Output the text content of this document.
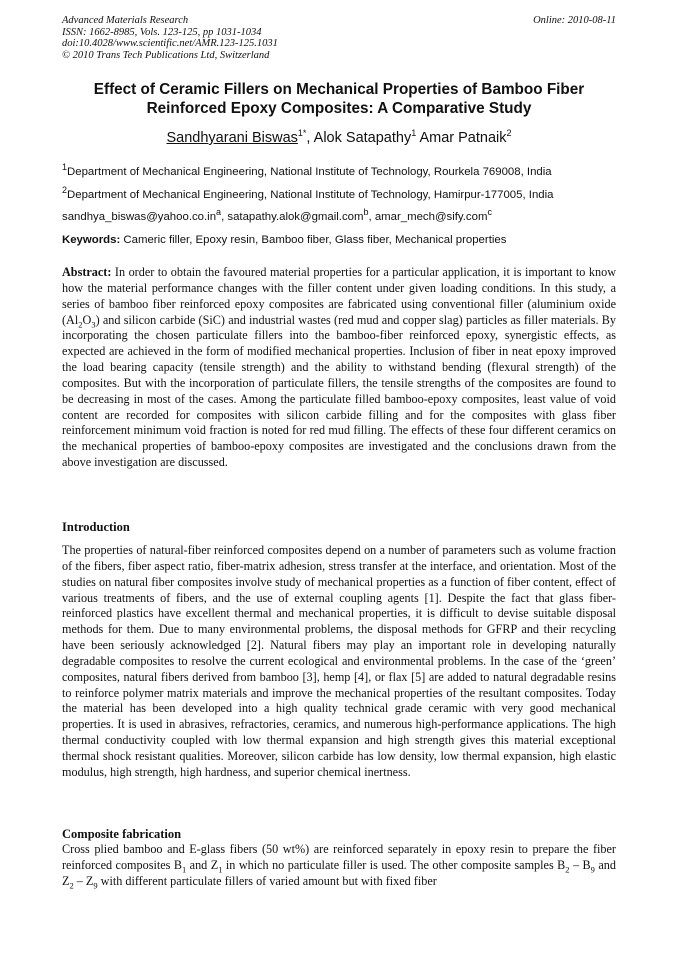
Advanced Materials Research
ISSN: 1662-8985, Vols. 123-125, pp 1031-1034
doi:10.4028/www.scientific.net/AMR.123-125.1031
© 2010 Trans Tech Publications Ltd, Switzerland
Online: 2010-08-11
Effect of Ceramic Fillers on Mechanical Properties of Bamboo Fiber
Reinforced Epoxy Composites: A Comparative Study
Sandhyarani Biswas$^{1*}$, Alok Satapathy$^1$ Amar Patnaik$^2$
$^1$Department of Mechanical Engineering, National Institute of Technology, Rourkela 769008, India
$^2$Department of Mechanical Engineering, National Institute of Technology, Hamirpur-177005, India
$sandhya\_biswas@yahoo.co.in^a$, satapathy.alok@gmail.com$^b$, amar_mech@sify.com$^c$
Keywords: Cameric filler, Epoxy resin, Bamboo fiber, Glass fiber, Mechanical properties
Abstract: In order to obtain the favoured material properties for a particular application, it is important to know how the material performance changes with the filler content under given loading conditions. In this study, a series of bamboo fiber reinforced epoxy composites are fabricated using conventional filler (aluminium oxide $(Al_2O_3)$ and silicon carbide (SiC) and industrial wastes (red mud and copper slag) particles as filler materials. By incorporating the chosen particulate fillers into the bamboo-fiber reinforced epoxy, synergistic effects, as expected are achieved in the form of modified mechanical properties. Inclusion of fiber in neat epoxy improved the load bearing capacity (tensile strength) and the ability to withstand bending (flexural strength) of the composites. But with the incorporation of particulate fillers, the tensile strengths of the composites are found to be decreasing in most of the cases. Among the particulate filled bamboo-epoxy composites, least value of void content are recorded for composites with silicon carbide filling and for the composites with glass fiber reinforcement minimum void fraction is noted for red mud filling. The effects of these four different ceramics on the mechanical properties of bamboo-epoxy composites are investigated and the conclusions drawn from the above investigation are discussed.
Introduction
The properties of natural-fiber reinforced composites depend on a number of parameters such as volume fraction of the fibers, fiber aspect ratio, fiber-matrix adhesion, stress transfer at the interface, and orientation. Most of the studies on natural fiber composites involve study of mechanical properties as a function of fiber content, effect of various treatments of fibers, and the use of external coupling agents [1]. Despite the fact that glass fiber-reinforced plastics have excellent thermal and mechanical properties, it is difficult to devise suitable disposal methods for them. Due to many environmental problems, the disposal methods for GFRP and their recycling have been seriously acknowledged [2]. Natural fibers may play an important role in developing naturally degradable composites to resolve the current ecological and environmental problems. In the case of the ‘green’ composites, natural fibers derived from bamboo [3], hemp [4], or flax [5] are added to natural degradable resins to reinforce polymer matrix materials and improve the mechanical properties of the resultant composites. Today the material has been developed into a high quality technical grade ceramic with very good mechanical properties. It is used in abrasives, refractories, ceramics, and numerous high-performance applications. The high thermal conductivity coupled with low thermal expansion and high strength gives this material exceptional thermal shock resistant qualities. Moreover, silicon carbide has low density, low thermal expansion, high elastic modulus, high strength, high hardness, and superior chemical inertness.
Composite fabrication
Cross plied bamboo and E-glass fibers (50 wt%) are reinforced separately in epoxy resin to prepare the fiber reinforced composites $B_1$ and $Z_1$ in which no particulate filler is used. The other composite samples $B_2 - B_9$ and $Z_2 - Z_9$ with different particulate fillers of varied amount but with fixed fiber
